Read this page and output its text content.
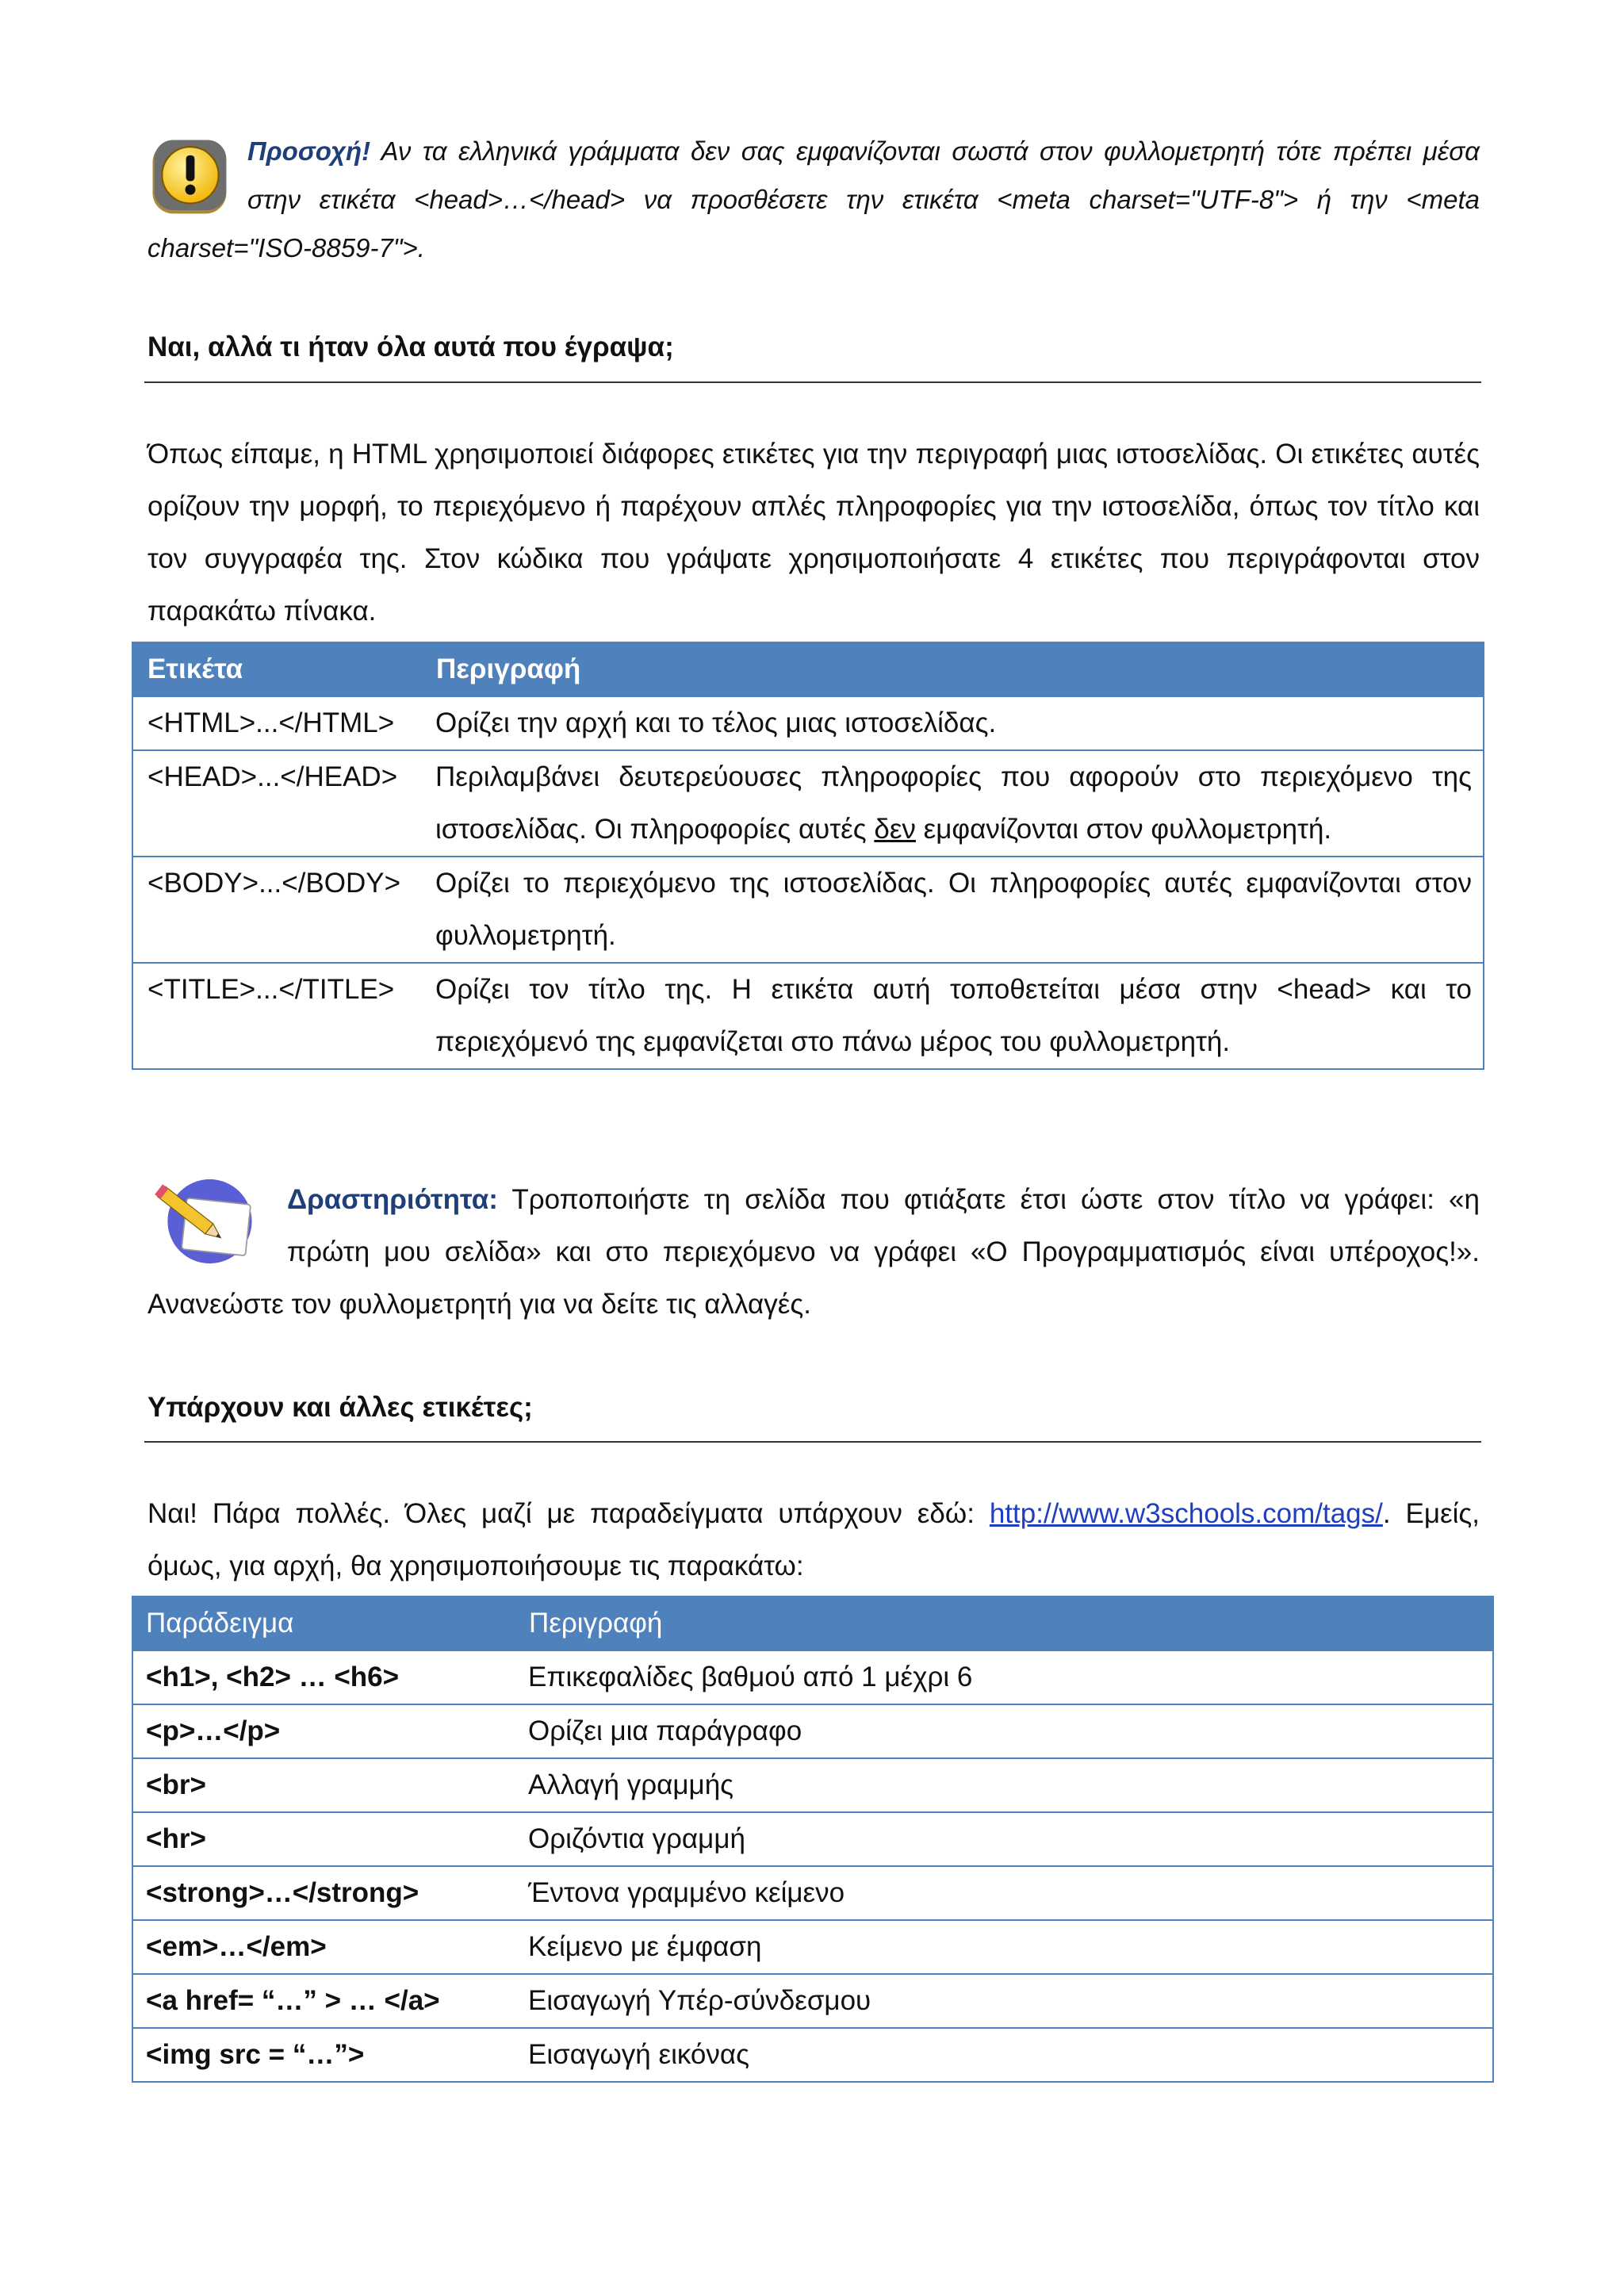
Προσοχή! Αν τα ελληνικά γράμματα δεν σας εμφανίζονται σωστά στον φυλλομετρητή τότε πρέπει μέσα στην ετικέτα <head>…</head> να προσθέσετε την ετικέτα <meta charset="UTF-8"> ή την <meta charset="ISO-8859-7">.
Ναι, αλλά τι ήταν όλα αυτά που έγραψα;
Όπως είπαμε, η HTML χρησιμοποιεί διάφορες ετικέτες για την περιγραφή μιας ιστοσελίδας. Οι ετικέτες αυτές ορίζουν την μορφή, το περιεχόμενο ή παρέχουν απλές πληροφορίες για την ιστοσελίδα, όπως τον τίτλο και τον συγγραφέα της. Στον κώδικα που γράψατε χρησιμοποιήσατε 4 ετικέτες που περιγράφονται στον παρακάτω πίνακα.
Ετικέτα	Περιγραφή
<HTML>...</HTML>	Ορίζει την αρχή και το τέλος μιας ιστοσελίδας.
<HEAD>...</HEAD>	Περιλαμβάνει δευτερεύουσες πληροφορίες που αφορούν στο περιεχόμενο της ιστοσελίδας. Οι πληροφορίες αυτές δεν εμφανίζονται στον φυλλομετρητή.
<BODY>...</BODY>	Ορίζει το περιεχόμενο της ιστοσελίδας. Οι πληροφορίες αυτές εμφανίζονται στον φυλλομετρητή.
<TITLE>...</TITLE>	Ορίζει τον τίτλο της. Η ετικέτα αυτή τοποθετείται μέσα στην <head> και το περιεχόμενό της εμφανίζεται στο πάνω μέρος του φυλλομετρητή.
Δραστηριότητα: Τροποποιήστε τη σελίδα που φτιάξατε έτσι ώστε στον τίτλο να γράφει: «η πρώτη μου σελίδα» και στο περιεχόμενο να γράφει «Ο Προγραμματισμός είναι υπέροχος!». Ανανεώστε τον φυλλομετρητή για να δείτε τις αλλαγές.
Υπάρχουν και άλλες ετικέτες;
Ναι! Πάρα πολλές. Όλες μαζί με παραδείγματα υπάρχουν εδώ: http://www.w3schools.com/tags/. Εμείς, όμως, για αρχή, θα χρησιμοποιήσουμε τις παρακάτω:
Παράδειγμα	Περιγραφή
<h1>, <h2> … <h6>	Επικεφαλίδες βαθμού από 1 μέχρι 6
<p>…</p>	Ορίζει μια παράγραφο
<br>	Αλλαγή γραμμής
<hr>	Οριζόντια γραμμή
<strong>…</strong>	Έντονα γραμμένο κείμενο
<em>…</em>	Κείμενο με έμφαση
<a href= “…” > … </a>	Εισαγωγή Υπέρ-σύνδεσμου
<img src = “…”>	Εισαγωγή εικόνας
